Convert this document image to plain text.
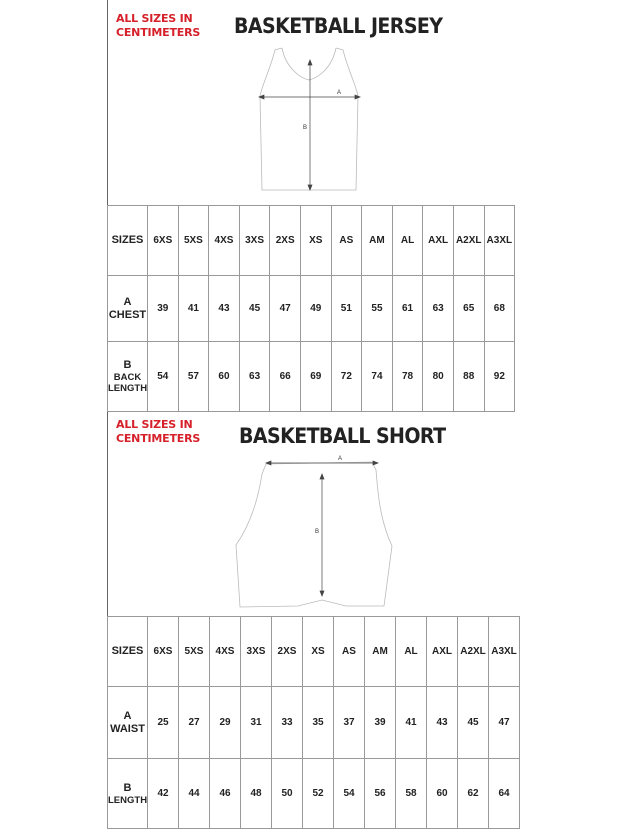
ALL SIZES IN
CENTIMETERS BASKETBALL JERSEY
A
B
A
B
SIZES	6XS	5XS	4XS	3XS	2XS	XS	AS	AM	AL	AXL	A2XL	A3XL

A
CHEST	39	41	43	45	47	49	51	55	61	63	65	68

B
BACK
LENGTH	54	57	60	63	66	69	72	74	78	80	88	92
ALL SIZES IN
CENTIMETERS BASKETBALL SHORT
SIZES	6XS	5XS	4XS	3XS	2XS	XS	AS	AM	AL	AXL	A2XL	A3XL

A
WAIST	25	27	29	31	33	35	37	39	41	43	45	47

B
LENGTH	42	44	46	48	50	52	54	56	58	60	62	64
